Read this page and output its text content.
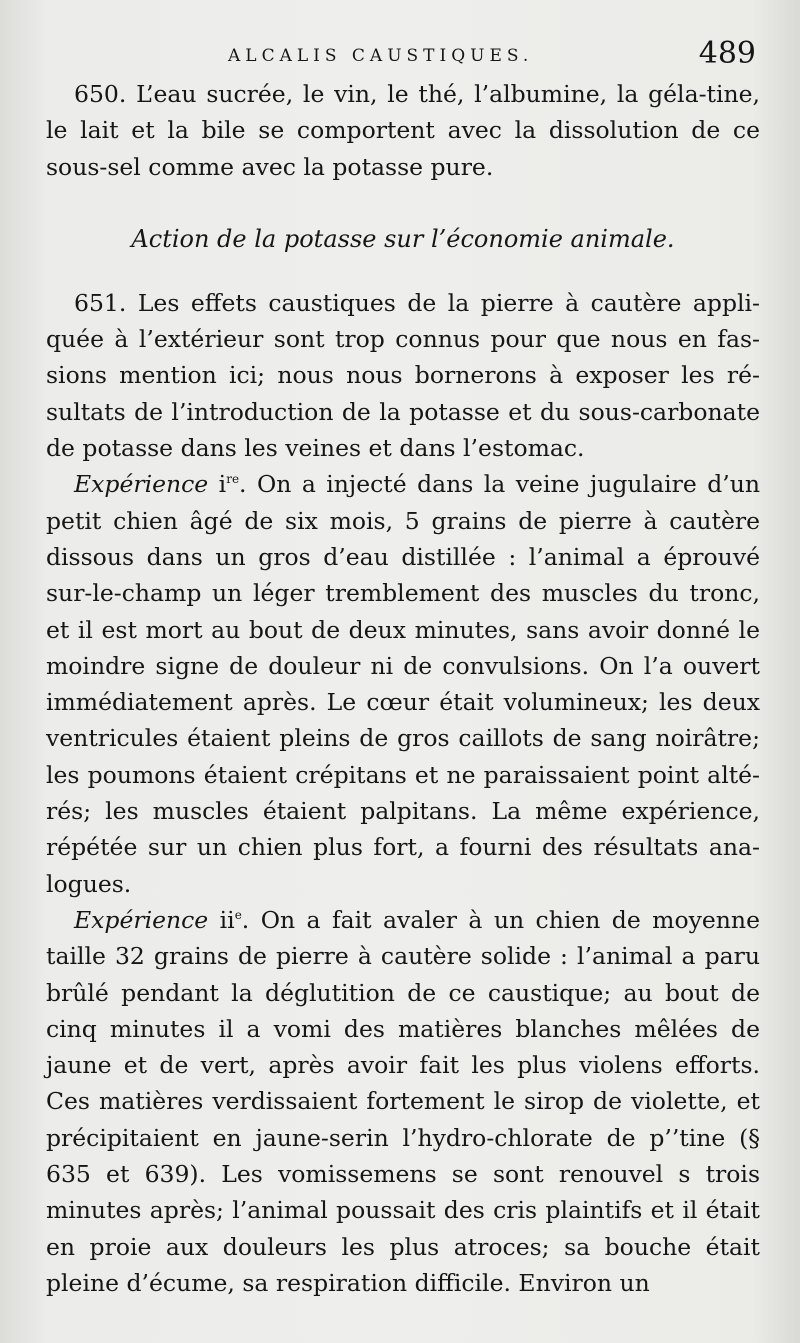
ALCALIS CAUSTIQUES.	489

650. L’eau sucrée, le vin, le thé, l’albumine, la géla-tine, le lait et la bile se comportent avec la dissolution de ce sous-sel comme avec la potasse pure.

Action de la potasse sur l’économie animale.

651. Les effets caustiques de la pierre à cautère appli-quée à l’extérieur sont trop connus pour que nous en fas-sions mention ici; nous nous bornerons à exposer les ré-sultats de l’introduction de la potasse et du sous-carbonate de potasse dans les veines et dans l’estomac.

Expérience $i^{re}$. On a injecté dans la veine jugulaire d’un petit chien âgé de six mois, 5 grains de pierre à cautère dissous dans un gros d’eau distillée : l’animal a éprouvé sur-le-champ un léger tremblement des muscles du tronc, et il est mort au bout de deux minutes, sans avoir donné le moindre signe de douleur ni de convulsions. On l’a ouvert immédiatement après. Le cœur était volumineux; les deux ventricules étaient pleins de gros caillots de sang noirâtre; les poumons étaient crépitans et ne paraissaient point alté-rés; les muscles étaient palpitans. La même expérience, répétée sur un chien plus fort, a fourni des résultats ana-logues.

Expérience $ii^e$. On a fait avaler à un chien de moyenne taille 32 grains de pierre à cautère solide : l’animal a paru brûlé pendant la déglutition de ce caustique; au bout de cinq minutes il a vomi des matières blanches mêlées de jaune et de vert, après avoir fait les plus violens efforts. Ces matières verdissaient fortement le sirop de violette, et précipitaient en jaune-serin l’hydro-chlorate de p’’tine (§ 635 et 639). Les vomissemens se sont renouvel s trois minutes après; l’animal poussait des cris plaintifs et il était en proie aux douleurs les plus atroces; sa bouche était pleine d’écume, sa respiration difficile. Environ un
